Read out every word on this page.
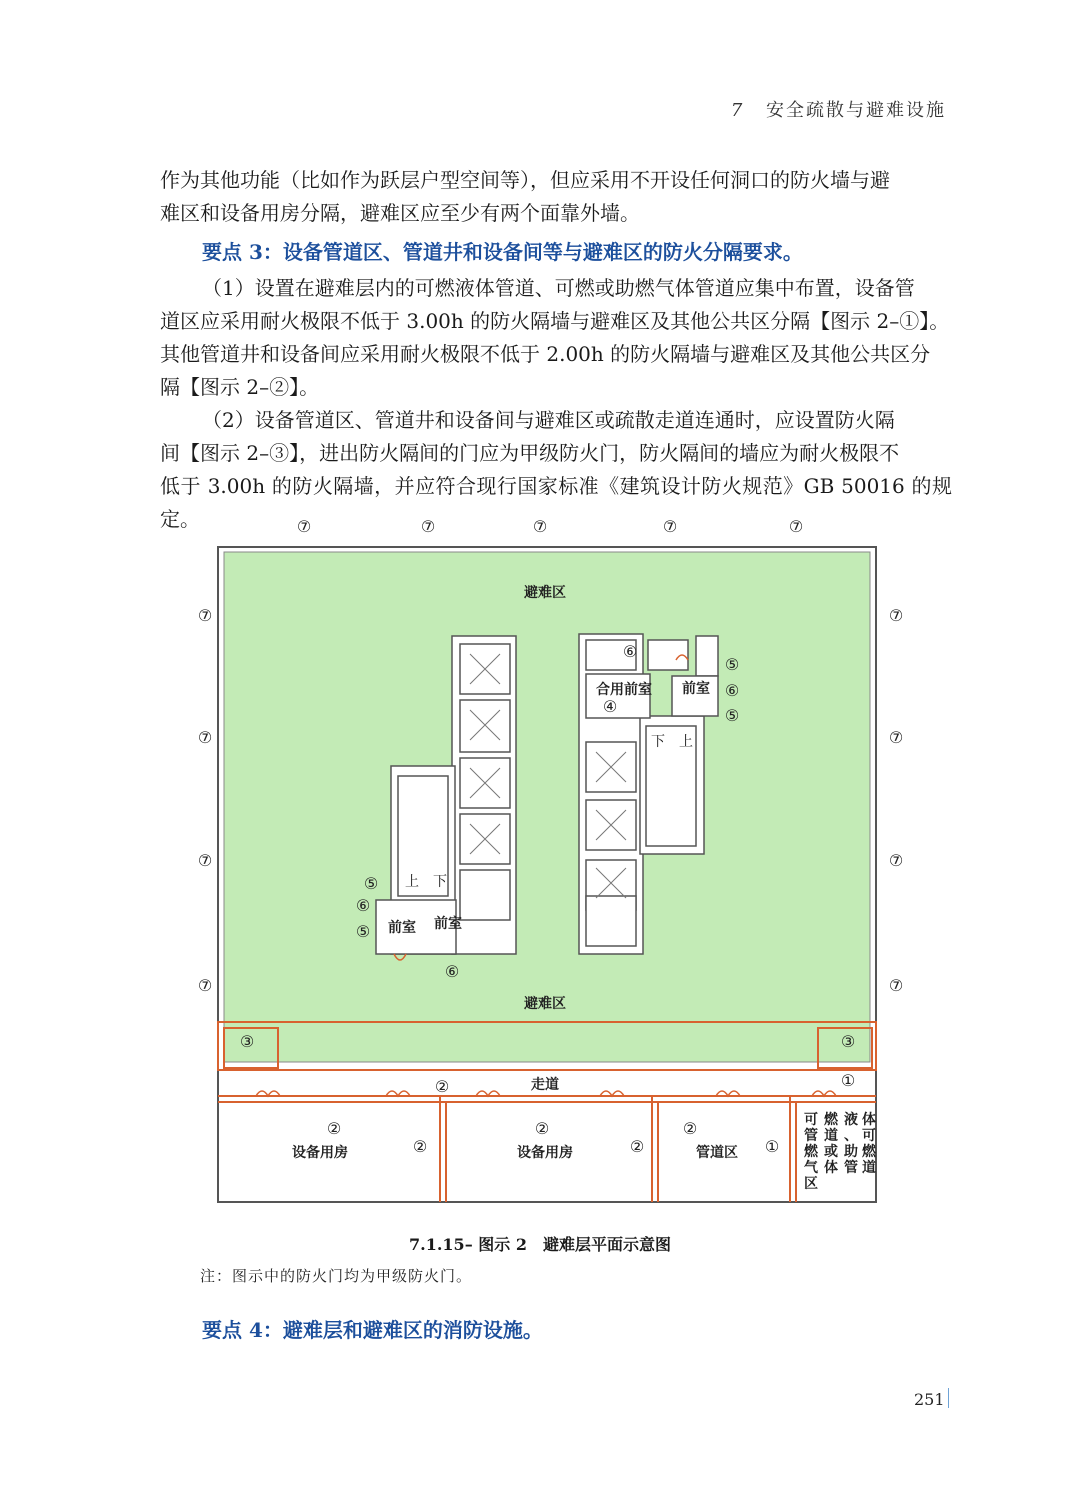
7 安全疏散与避难设施
作为其他功能（比如作为跃层户型空间等），但应采用不开设任何洞口的防火墙与避
难区和设备用房分隔，避难区应至少有两个面靠外墙。
要点 3：设备管道区、管道井和设备间等与避难区的防火分隔要求。
（1）设置在避难层内的可燃液体管道、可燃或助燃气体管道应集中布置，设备管
道区应采用耐火极限不低于 3.00h 的防火隔墙与避难区及其他公共区分隔【图示 2–①】。
其他管道井和设备间应采用耐火极限不低于 2.00h 的防火隔墙与避难区及其他公共区分
隔【图示 2–②】。
（2）设备管道区、管道井和设备间与避难区或疏散走道连通时，应设置防火隔
间【图示 2–③】，进出防火隔间的门应为甲级防火门，防火隔间的墙应为耐火极限不
低于 3.00h 的防火隔墙，并应符合现行国家标准《建筑设计防火规范》GB 50016 的规定。
避难区
避难区
走道
设备用房	设备用房	管道区
前室 前室
合用前室 前室
上 下
下 上
可管燃气区
燃道或体
液、助管
体可燃道
⑦	⑦	⑦	⑦	⑦
⑦
⑦
⑦
⑦
⑦
⑦
⑦
⑦
③	③
①
①
②
②
②
②
②
②
④
⑤
⑥
⑤
⑥
⑥
⑤
⑥
⑤
7.1.15– 图示 2　避难层平面示意图
注：图示中的防火门均为甲级防火门。
要点 4：避难层和避难区的消防设施。
251
